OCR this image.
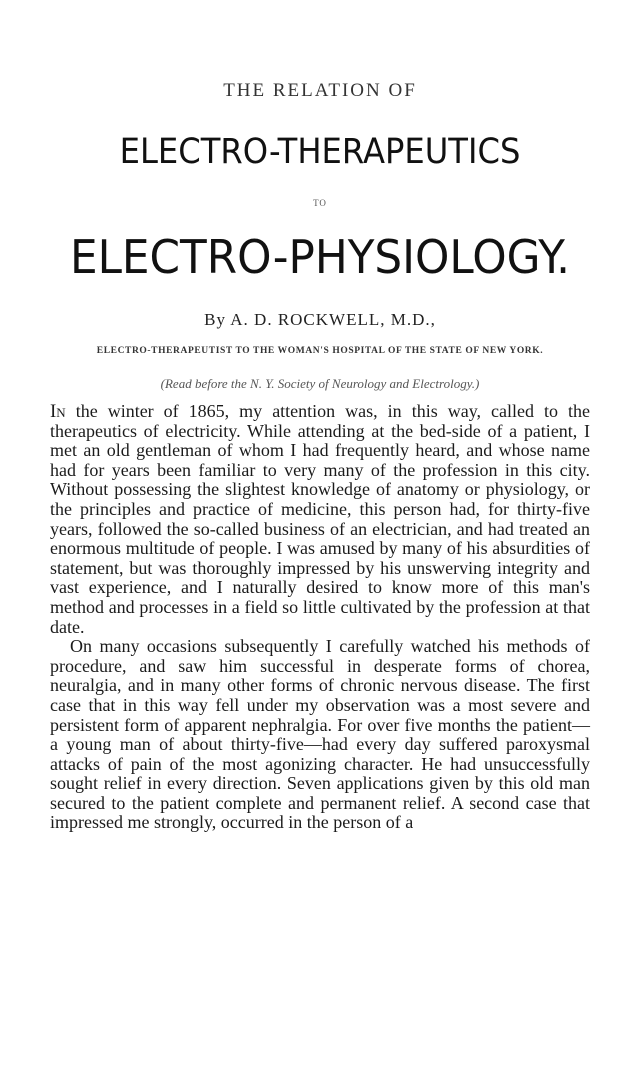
THE RELATION OF
ELECTRO-THERAPEUTICS
TO
ELECTRO-PHYSIOLOGY.
By A. D. ROCKWELL, M.D.,
ELECTRO-THERAPEUTIST TO THE WOMAN'S HOSPITAL OF THE STATE OF NEW YORK.
(Read before the N. Y. Society of Neurology and Electrology.)

In the winter of 1865, my attention was, in this way, called to the therapeutics of electricity. While attending at the bed-side of a patient, I met an old gentleman of whom I had frequently heard, and whose name had for years been familiar to very many of the profession in this city. Without possessing the slightest knowledge of anatomy or physiology, or the principles and practice of medicine, this person had, for thirty-five years, followed the so-called business of an electrician, and had treated an enormous multitude of people. I was amused by many of his absurdities of statement, but was thoroughly impressed by his unswerving integrity and vast experience, and I naturally desired to know more of this man's method and processes in a field so little cultivated by the profession at that date.

On many occasions subsequently I carefully watched his methods of procedure, and saw him successful in desperate forms of chorea, neuralgia, and in many other forms of chronic nervous disease. The first case that in this way fell under my observation was a most severe and persistent form of apparent nephralgia. For over five months the patient—a young man of about thirty-five—had every day suffered paroxysmal attacks of pain of the most agonizing character. He had unsuccessfully sought relief in every direction. Seven applications given by this old man secured to the patient complete and permanent relief. A second case that impressed me strongly, occurred in the person of a
